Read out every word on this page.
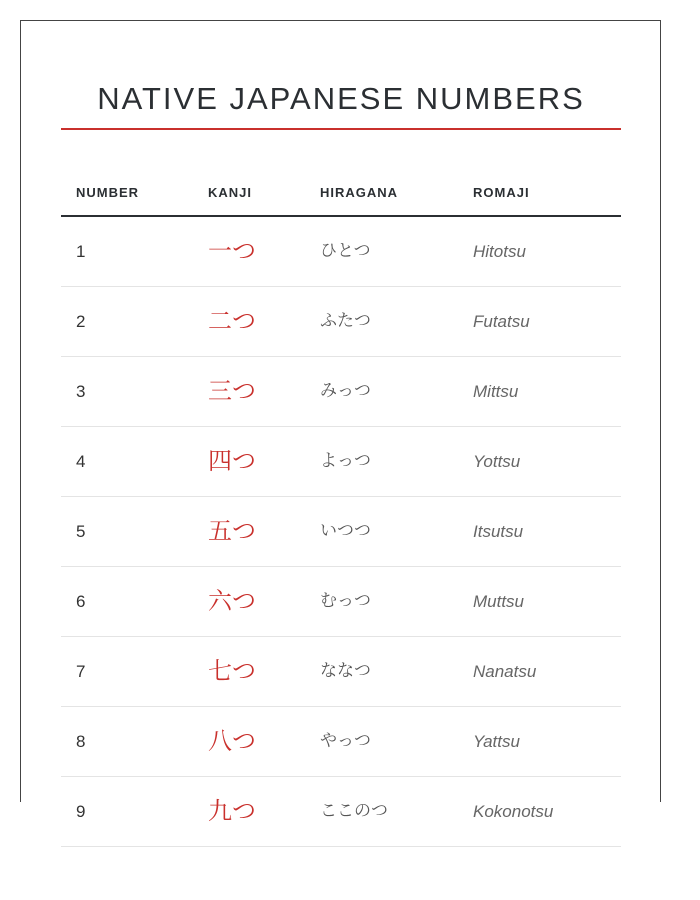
NATIVE JAPANESE NUMBERS
NUMBER	KANJI	HIRAGANA	ROMAJI
1	一つ	ひとつ	Hitotsu
2	二つ	ふたつ	Futatsu
3	三つ	みっつ	Mittsu
4	四つ	よっつ	Yottsu
5	五つ	いつつ	Itsutsu
6	六つ	むっつ	Muttsu
7	七つ	ななつ	Nanatsu
8	八つ	やっつ	Yattsu
9	九つ	ここのつ	Kokonotsu
